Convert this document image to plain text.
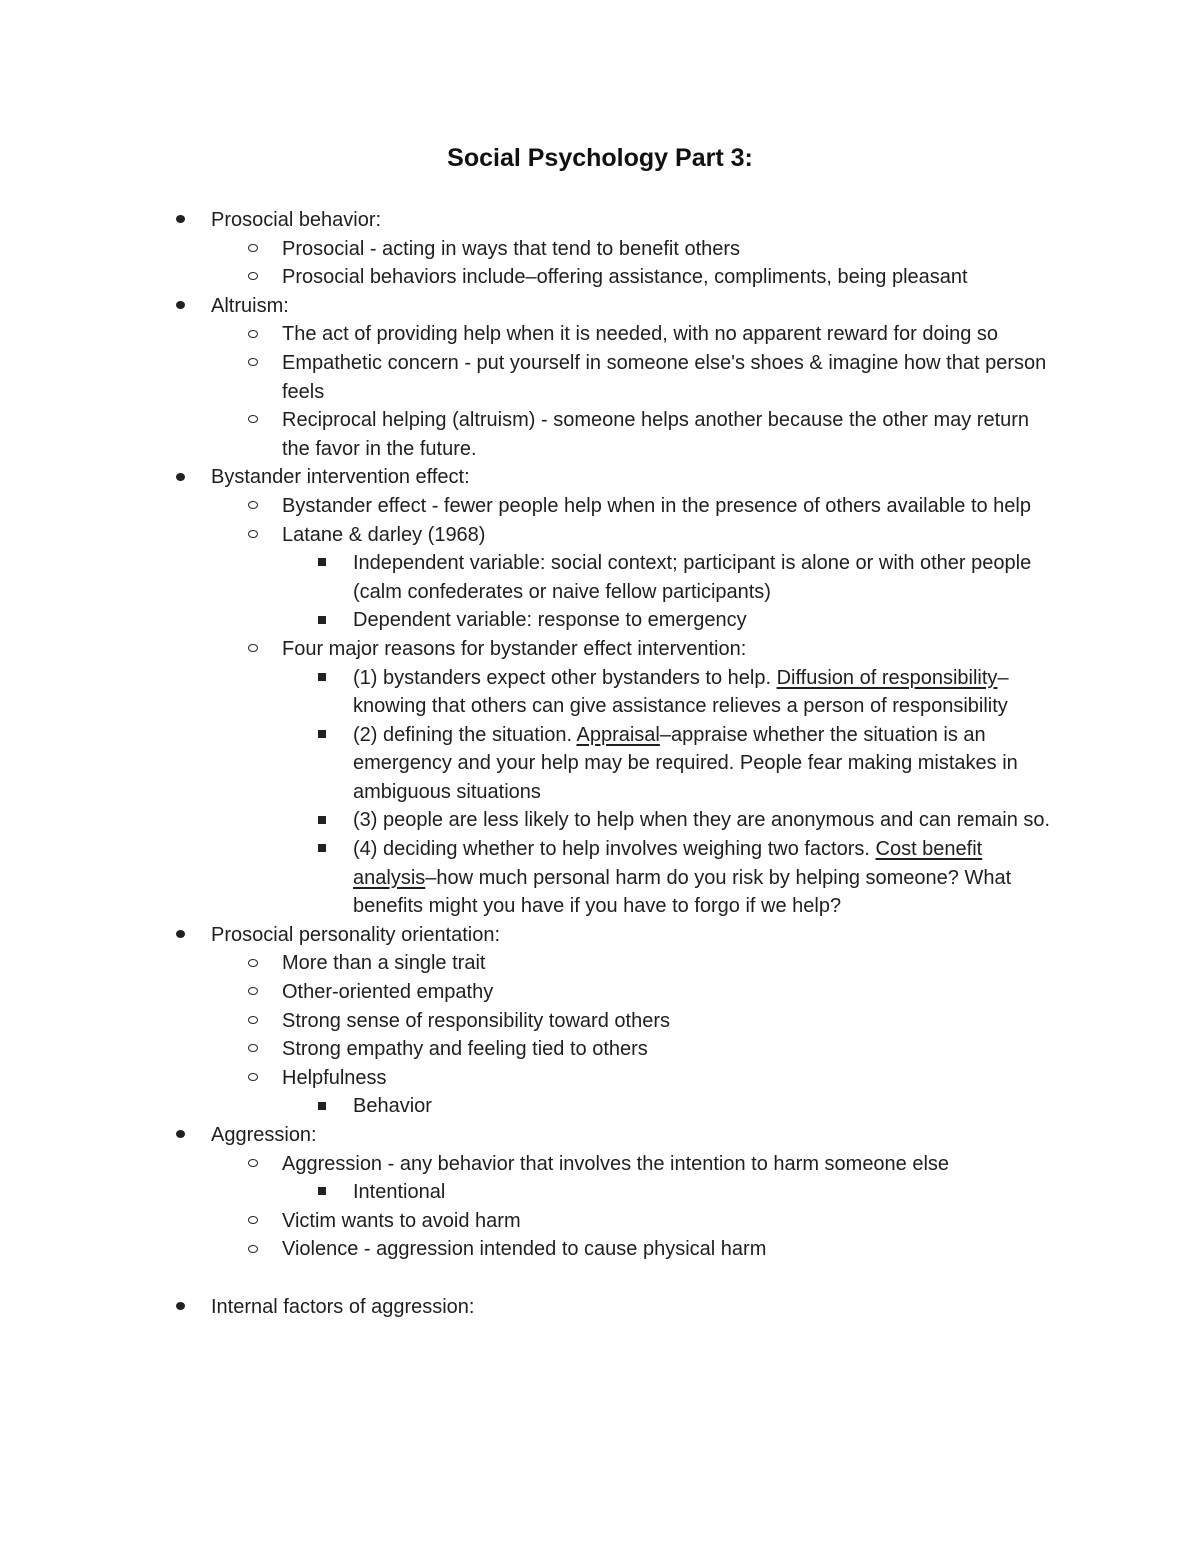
Social Psychology Part 3:
Prosocial behavior:
Prosocial - acting in ways that tend to benefit others
Prosocial behaviors include–offering assistance, compliments, being pleasant
Altruism:
The act of providing help when it is needed, with no apparent reward for doing so
Empathetic concern - put yourself in someone else's shoes & imagine how that person feels
Reciprocal helping (altruism) - someone helps another because the other may return the favor in the future.
Bystander intervention effect:
Bystander effect - fewer people help when in the presence of others available to help
Latane & darley (1968)
Independent variable: social context; participant is alone or with other people (calm confederates or naive fellow participants)
Dependent variable: response to emergency
Four major reasons for bystander effect intervention:
(1) bystanders expect other bystanders to help. Diffusion of responsibility–knowing that others can give assistance relieves a person of responsibility
(2) defining the situation. Appraisal–appraise whether the situation is an emergency and your help may be required. People fear making mistakes in ambiguous situations
(3) people are less likely to help when they are anonymous and can remain so.
(4) deciding whether to help involves weighing two factors. Cost benefit analysis–how much personal harm do you risk by helping someone? What benefits might you have if you have to forgo if we help?
Prosocial personality orientation:
More than a single trait
Other-oriented empathy
Strong sense of responsibility toward others
Strong empathy and feeling tied to others
Helpfulness
Behavior
Aggression:
Aggression - any behavior that involves the intention to harm someone else
Intentional
Victim wants to avoid harm
Violence - aggression intended to cause physical harm
Internal factors of aggression:
